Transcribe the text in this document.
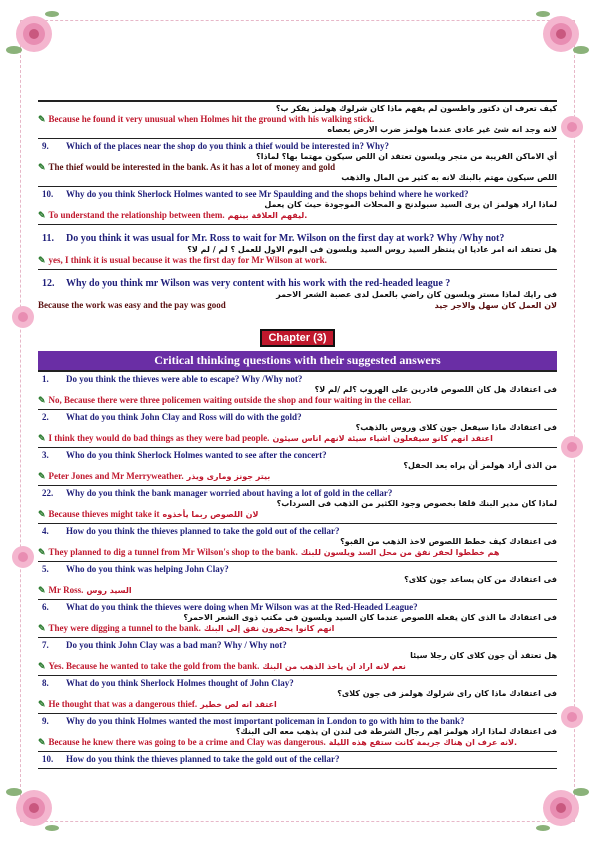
كيف تعرف ان دكتور واطسون لم يفهم ماذا كان شرلوك هولمز يفكر ب؟
✎ Because he found it very unusual when Holmes hit the ground with his walking stick.
لانه وجد انه شئ غير عادى عندما هولمز ضرب الارض بعصاه
9.	Which of the places near the shop do you think a thief would be interested in? Why?
أي الاماكن القريبة من متجر ويلسون تعتقد ان اللص سيكون مهتما بها؟ لماذا؟
✎ The thief would be interested in the bank. As it has a lot of money and gold
اللص سيكون مهتم بالبنك لانه به كثير من المال والذهب
10.	Why do you think Sherlock Holmes wanted to see Mr Spaulding and the shops behind where he worked?
لماذا اراد هولمز ان يرى السيد سبولدنج و المحلات الموجودة حيث كان يعمل
✎ To understand the relationship between them. ليفهم العلاقة بينهم.
11.	Do you think it was usual for Mr. Ross to wait for Mr. Wilson on the first day at work? Why /Why not?
هل تعتقد انه امر عاديا ان ينتظر السيد روس السيد ويلسون فى اليوم الاول للعمل ؟ لم / لم لا؟
✎ yes, I think it is usual because it was the first day for Mr Wilson at work.
12.	Why do you think mr Wilson was very content with his work with the red-headed league ?
فى رايك لماذا مستر ويلسون كان راضي بالعمل لدى عصبة الشعر الاحمر
Because the work was easy and the pay was good	لان العمل كان سهل والاجر جيد
Chapter (3)
Critical thinking questions with their suggested answers
1.	Do you think the thieves were able to escape? Why /Why not?
فى اعتقادك هل كان اللصوص قادرين على الهروب ؟لم /لم لا؟
✎ No, Because there were three policemen waiting outside the shop and four waiting in the cellar.
2.	What do you think John Clay and Ross will do with the gold?
فى اعتقادك ماذا سيفعل جون كلاى وروس بالذهب؟
✎ I think they would do bad things as they were bad people. اعتقد انهم كانو سيفعلون اشياء سيئة لانهم اناس سيئون
3.	Who do you think Sherlock Holmes wanted to see after the concert?
من الذى أراد هولمز أن يراه بعد الحفل؟
✎ Peter Jones and Mr Merryweather. بيتر جونز ومارى ويذر
22.	Why do you think the bank manager worried about having a lot of gold in the cellar?
لماذا كان مدير البنك قلقا بخصوص وجود الكثير من الذهب فى السرداب؟
✎ Because thieves might take it لان اللصوص ربما يأخذوه
4.	How do you think the thieves planned to take the gold out of the cellar?
فى اعتقادك كيف خطط اللصوص لاخذ الذهب من القبو؟
✎ They planned to dig a tunnel from Mr Wilson's shop to the bank. هم خططوا لحفر نفق من محل السد ويلسون للبنك
5.	Who do you think was helping John Clay?
فى اعتقادك من كان يساعد جون كلاى؟
✎ Mr Ross. السيد روس
6.	What do you think the thieves were doing when Mr Wilson was at the Red-Headed League?
فى اعتقادك ما الذى كان يفعله اللصوص عندما كان السيد ويلسون فى مكتب ذوى الشعر الاحمر؟
✎ They were digging a tunnel to the bank. انهم كانوا يحفرون نفق إلى البنك
7.	Do you think John Clay was a bad man? Why / Why not?
هل تعتقد أن جون كلاى كان رجلا سيئا
✎ Yes. Because he wanted to take the gold from the bank. نعم لانه اراد ان ياخذ الذهب من البنك
8.	What do you think Sherlock Holmes thought of John Clay?
فى اعتقادك ماذا كان راى شرلوك هولمز فى جون كلاى؟
✎ He thought that was a dangerous thief. اعتقد انه لص خطير
9.	Why do you think Holmes wanted the most important policeman in London to go with him to the bank?
فى اعتقادك لماذا اراد هولمز اهم رجال الشرطة فى لندن ان يذهب معه الى البنك؟
✎ Because he knew there was going to be a crime and Clay was dangerous. لانه عرف ان هناك جريمة كانت ستقع هذه الليلة.
10.	How do you think the thieves planned to take the gold out of the cellar?
